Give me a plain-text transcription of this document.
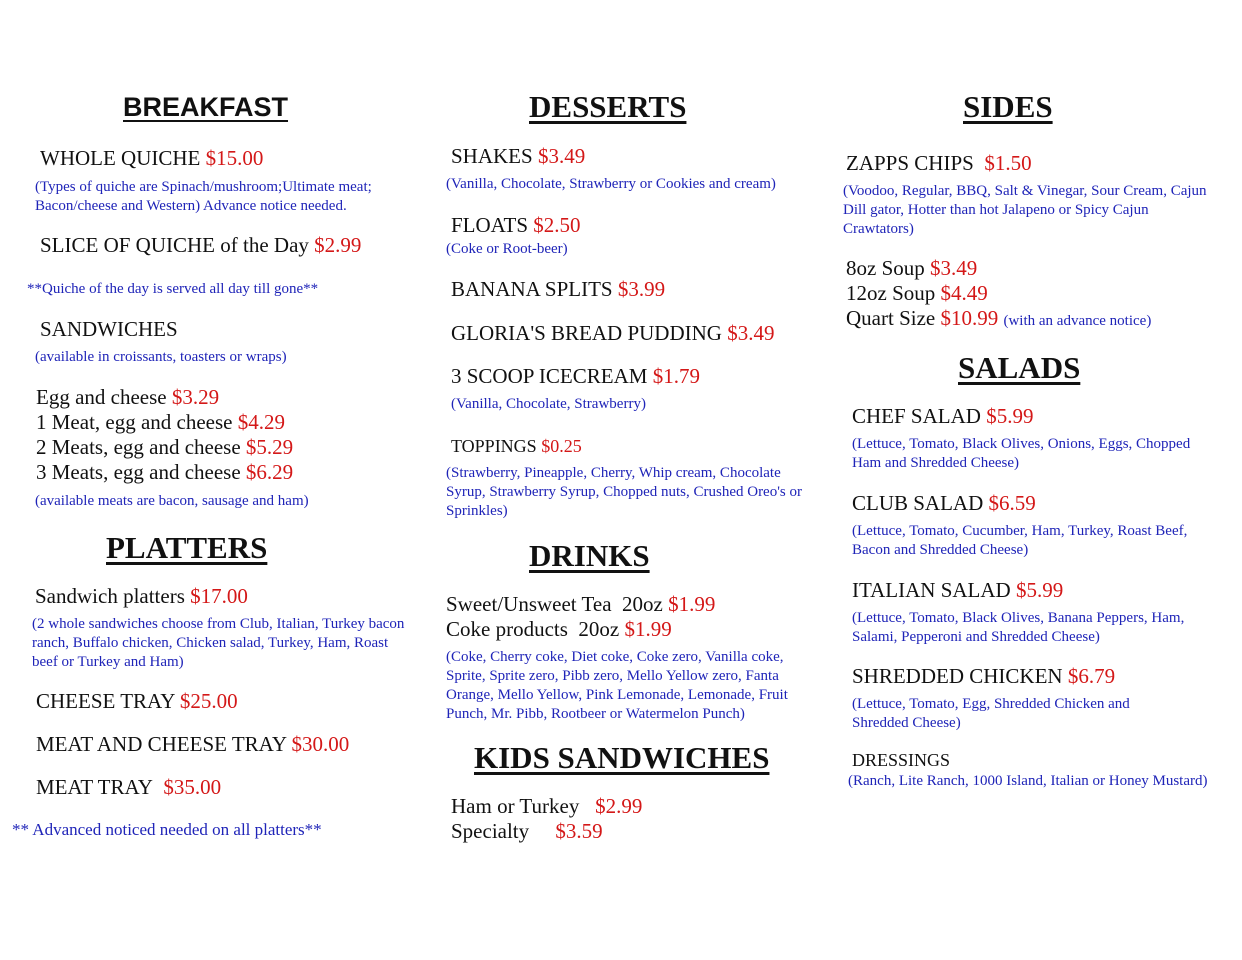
BREAKFAST
WHOLE QUICHE $15.00
(Types of quiche are Spinach/mushroom;Ultimate meat; Bacon/cheese and Western) Advance notice needed.
SLICE OF QUICHE of the Day $2.99
**Quiche of the day is served all day till gone**
SANDWICHES
(available in croissants, toasters or wraps)
Egg and cheese $3.29
1 Meat, egg and cheese $4.29
2 Meats, egg and cheese $5.29
3 Meats, egg and cheese $6.29
(available meats are bacon, sausage and ham)
PLATTERS
Sandwich platters $17.00
(2 whole sandwiches choose from Club, Italian, Turkey bacon ranch, Buffalo chicken, Chicken salad, Turkey, Ham, Roast beef or Turkey and Ham)
CHEESE TRAY $25.00
MEAT AND CHEESE TRAY $30.00
MEAT TRAY $35.00
** Advanced noticed needed on all platters**
DESSERTS
SHAKES $3.49
(Vanilla, Chocolate, Strawberry or Cookies and cream)
FLOATS $2.50
(Coke or Root-beer)
BANANA SPLITS $3.99
GLORIA'S BREAD PUDDING $3.49
3 SCOOP ICECREAM $1.79
(Vanilla, Chocolate, Strawberry)
TOPPINGS $0.25
(Strawberry, Pineapple, Cherry, Whip cream, Chocolate Syrup, Strawberry Syrup, Chopped nuts, Crushed Oreo's or Sprinkles)
DRINKS
Sweet/Unsweet Tea  20oz $1.99
Coke products  20oz $1.99
(Coke, Cherry coke, Diet coke, Coke zero, Vanilla coke, Sprite, Sprite zero, Pibb zero, Mello Yellow zero, Fanta Orange, Mello Yellow, Pink Lemonade, Lemonade, Fruit Punch, Mr. Pibb, Rootbeer or Watermelon Punch)
KIDS SANDWICHES
Ham or Turkey $2.99
Specialty $3.59
SIDES
ZAPPS CHIPS $1.50
(Voodoo, Regular, BBQ, Salt & Vinegar, Sour Cream, Cajun Dill gator, Hotter than hot Jalapeno or Spicy Cajun Crawtators)
8oz Soup $3.49
12oz Soup $4.49
Quart Size $10.99 (with an advance notice)
SALADS
CHEF SALAD $5.99
(Lettuce, Tomato, Black Olives, Onions, Eggs, Chopped Ham and Shredded Cheese)
CLUB SALAD $6.59
(Lettuce, Tomato, Cucumber, Ham, Turkey, Roast Beef, Bacon and Shredded Cheese)
ITALIAN SALAD $5.99
(Lettuce, Tomato, Black Olives, Banana Peppers, Ham, Salami, Pepperoni and Shredded Cheese)
SHREDDED CHICKEN $6.79
(Lettuce, Tomato, Egg, Shredded Chicken and Shredded Cheese)
DRESSINGS
(Ranch, Lite Ranch, 1000 Island, Italian or Honey Mustard)
